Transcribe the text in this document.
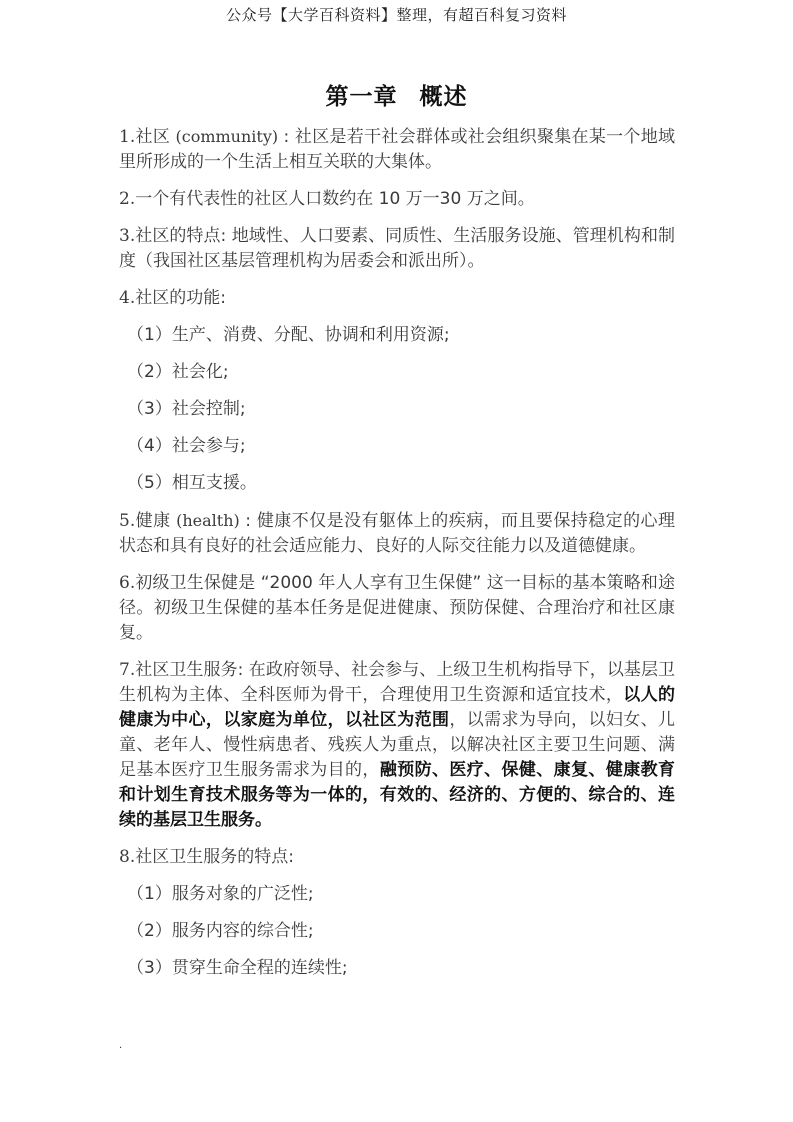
公众号【大学百科资料】整理，有超百科复习资料
第一章 概述

1.社区 (community) : 社区是若干社会群体或社会组织聚集在某一个地域里所形成的一个生活上相互关联的大集体。

2.一个有代表性的社区人口数约在 10 万一30 万之间。

3.社区的特点: 地域性、人口要素、同质性、生活服务设施、管理机构和制度（我国社区基层管理机构为居委会和派出所）。

4.社区的功能:

（1）生产、消费、分配、协调和利用资源;

（2）社会化;

（3）社会控制;

（4）社会参与;

（5）相互支援。

5.健康 (health) : 健康不仅是没有躯体上的疾病，而且要保持稳定的心理状态和具有良好的社会适应能力、良好的人际交往能力以及道德健康。

6.初级卫生保健是 “2000 年人人享有卫生保健” 这一目标的基本策略和途径。初级卫生保健的基本任务是促进健康、预防保健、合理治疗和社区康复。

7.社区卫生服务: 在政府领导、社会参与、上级卫生机构指导下，以基层卫生机构为主体、全科医师为骨干，合理使用卫生资源和适宜技术，以人的健康为中心，以家庭为单位，以社区为范围，以需求为导向，以妇女、儿童、老年人、慢性病患者、残疾人为重点，以解决社区主要卫生问题、满足基本医疗卫生服务需求为目的，融预防、医疗、保健、康复、健康教育和计划生育技术服务等为一体的，有效的、经济的、方便的、综合的、连续的基层卫生服务。

8.社区卫生服务的特点:

（1）服务对象的广泛性;

（2）服务内容的综合性;

（3）贯穿生命全程的连续性;

.
